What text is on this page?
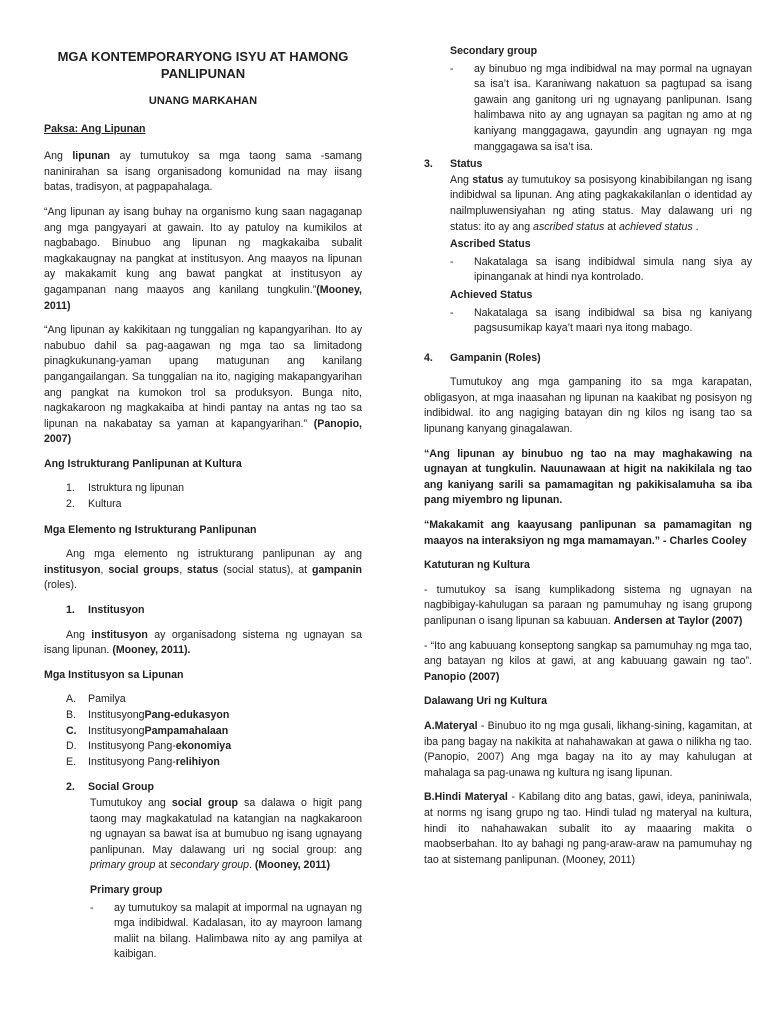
MGA KONTEMPORARYONG ISYU AT HAMONG PANLIPUNAN
UNANG MARKAHAN
Paksa: Ang Lipunan

Ang lipunan ay tumutukoy sa mga taong sama -samang naninirahan sa isang organisadong komunidad na may iisang batas, tradisyon, at pagpapahalaga.

“Ang lipunan ay isang buhay na organismo kung saan nagaganap ang mga pangyayari at gawain. Ito ay patuloy na kumikilos at nagbabago. Binubuo ang lipunan ng magkakaiba subalit magkakaugnay na pangkat at institusyon. Ang maayos na lipunan ay makakamit kung ang bawat pangkat at institusyon ay gagampanan nang maayos ang kanilang tungkulin.”(Mooney, 2011)

“Ang lipunan ay kakikitaan ng tunggalian ng kapangyarihan. Ito ay nabubuo dahil sa pag-aagawan ng mga tao sa limitadong pinagkukunang-yaman upang matugunan ang kanilang pangangailangan. Sa tunggalian na ito, nagiging makapangyarihan ang pangkat na kumokon trol sa produksyon. Bunga nito, nagkakaroon ng magkakaiba at hindi pantay na antas ng tao sa lipunan na nakabatay sa yaman at kapangyarihan.” (Panopio, 2007)

Ang Istrukturang Panlipunan at Kultura
1.	Istruktura ng lipunan
2.	Kultura
Mga Elemento ng Istrukturang Panlipunan

Ang mga elemento ng istrukturang panlipunan ay ang institusyon, social groups, status (social status), at gampanin (roles).

1.	Institusyon

Ang institusyon ay organisadong sistema ng ugnayan sa isang lipunan. (Mooney, 2011).

Mga Institusyon sa Lipunan
A.	Pamilya
B.	Institusyong Pang-edukasyon
C.	Institusyong Pampamahalaan
D.	Institusyong Pang- ekonomiya
E.	Institusyong Pang- relihiyon
2.	Social Group

Tumutukoy ang social group sa dalawa o higit pang taong may magkakatulad na katangian na nagkakaroon ng ugnayan sa bawat isa at bumubuo ng isang ugnayang panlipunan. May dalawang uri ng social group: ang primary group at secondary group. (Mooney, 2011)

Primary group
-	ay tumutukoy sa malapit at impormal na ugnayan ng mga indibidwal. Kadalasan, ito ay mayroon lamang maliit na bilang. Halimbawa nito ay ang pamilya at kaibigan.
Secondary group
-	ay binubuo ng mga indibidwal na may pormal na ugnayan sa isa’t isa. Karaniwang nakatuon sa pagtupad sa isang gawain ang ganitong uri ng ugnayang panlipunan. Isang halimbawa nito ay ang ugnayan sa pagitan ng amo at ng kaniyang manggagawa, gayundin ang ugnayan ng mga manggagawa sa isa’t isa.
3.	Status

Ang status ay tumutukoy sa posisyong kinabibilangan ng isang indibidwal sa lipunan. Ang ating pagkakakilanlan o identidad ay nailmpluwensiyahan ng ating status. May dalawang uri ng status: ito ay ang ascribed status at achieved status .

Ascribed Status
-	Nakatalaga sa isang indibidwal simula nang siya ay ipinanganak at hindi nya kontrolado.
Achieved Status
-	Nakatalaga sa isang indibidwal sa bisa ng kaniyang pagsusumikap kaya’t maari nya itong mabago.
4.	Gampanin (Roles)

Tumutukoy ang mga gampaning ito sa mga karapatan, obligasyon, at mga inaasahan ng lipunan na kaakibat ng posisyon ng indibidwal. ito ang nagiging batayan din ng kilos ng isang tao sa lipunang kanyang ginagalawan.

“Ang lipunan ay binubuo ng tao na may maghakawing na ugnayan at tungkulin. Nauunawaan at higit na nakikilala ng tao ang kaniyang sarili sa pamamagitan ng pakikisalamuha sa iba pang miyembro ng lipunan.

“Makakamit ang kaayusang panlipunan sa pamamagitan ng maayos na interaksiyon ng mga mamamayan.” - Charles Cooley

Katuturan ng Kultura

- tumutukoy sa isang kumplikadong sistema ng ugnayan na nagbibigay-kahulugan sa paraan ng pamumuhay ng isang grupong panlipunan o isang lipunan sa kabuuan. Andersen at Taylor (2007)

- “Ito ang kabuuang konseptong sangkap sa pamumuhay ng mga tao, ang batayan ng kilos at gawi, at ang kabuuang gawain ng tao”. Panopio (2007)

Dalawang Uri ng Kultura

A.Materyal - Binubuo ito ng mga gusali, likhang-sining, kagamitan, at iba pang bagay na nakikita at nahahawakan at gawa o nilikha ng tao. (Panopio, 2007) Ang mga bagay na ito ay may kahulugan at mahalaga sa pag-unawa ng kultura ng isang lipunan.

B.Hindi Materyal - Kabilang dito ang batas, gawi, ideya, paniniwala, at norms ng isang grupo ng tao. Hindi tulad ng materyal na kultura, hindi ito nahahawakan subalit ito ay maaaring makita o maobserbahan. Ito ay bahagi ng pang-araw-araw na pamumuhay ng tao at sistemang panlipunan. (Mooney, 2011)
